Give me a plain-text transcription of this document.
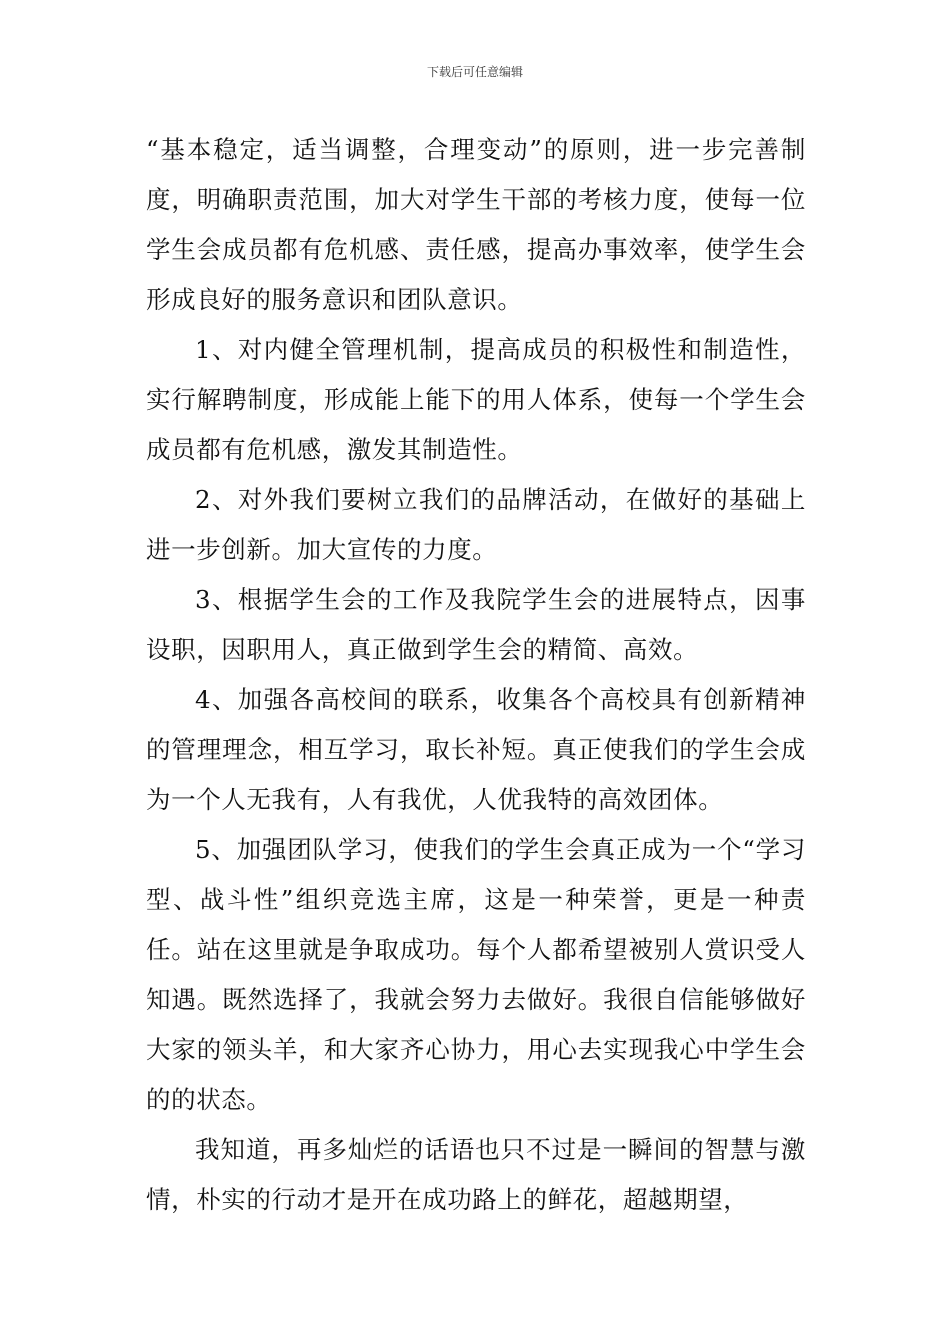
下载后可任意编辑

“基本稳定，适当调整，合理变动”的原则，进一步完善制度，明确职责范围，加大对学生干部的考核力度，使每一位学生会成员都有危机感、责任感，提高办事效率，使学生会形成良好的服务意识和团队意识。

1、对内健全管理机制，提高成员的积极性和制造性，实行解聘制度，形成能上能下的用人体系，使每一个学生会成员都有危机感，激发其制造性。

2、对外我们要树立我们的品牌活动，在做好的基础上进一步创新。加大宣传的力度。

3、根据学生会的工作及我院学生会的进展特点，因事设职，因职用人，真正做到学生会的精简、高效。

4、加强各高校间的联系，收集各个高校具有创新精神的管理理念，相互学习，取长补短。真正使我们的学生会成为一个人无我有，人有我优，人优我特的高效团体。

5、加强团队学习，使我们的学生会真正成为一个“学习型、战斗性”组织竞选主席，这是一种荣誉，更是一种责任。站在这里就是争取成功。每个人都希望被别人赏识受人知遇。既然选择了，我就会努力去做好。我很自信能够做好大家的领头羊，和大家齐心协力，用心去实现我心中学生会的的状态。

我知道，再多灿烂的话语也只不过是一瞬间的智慧与激情，朴实的行动才是开在成功路上的鲜花，超越期望，
